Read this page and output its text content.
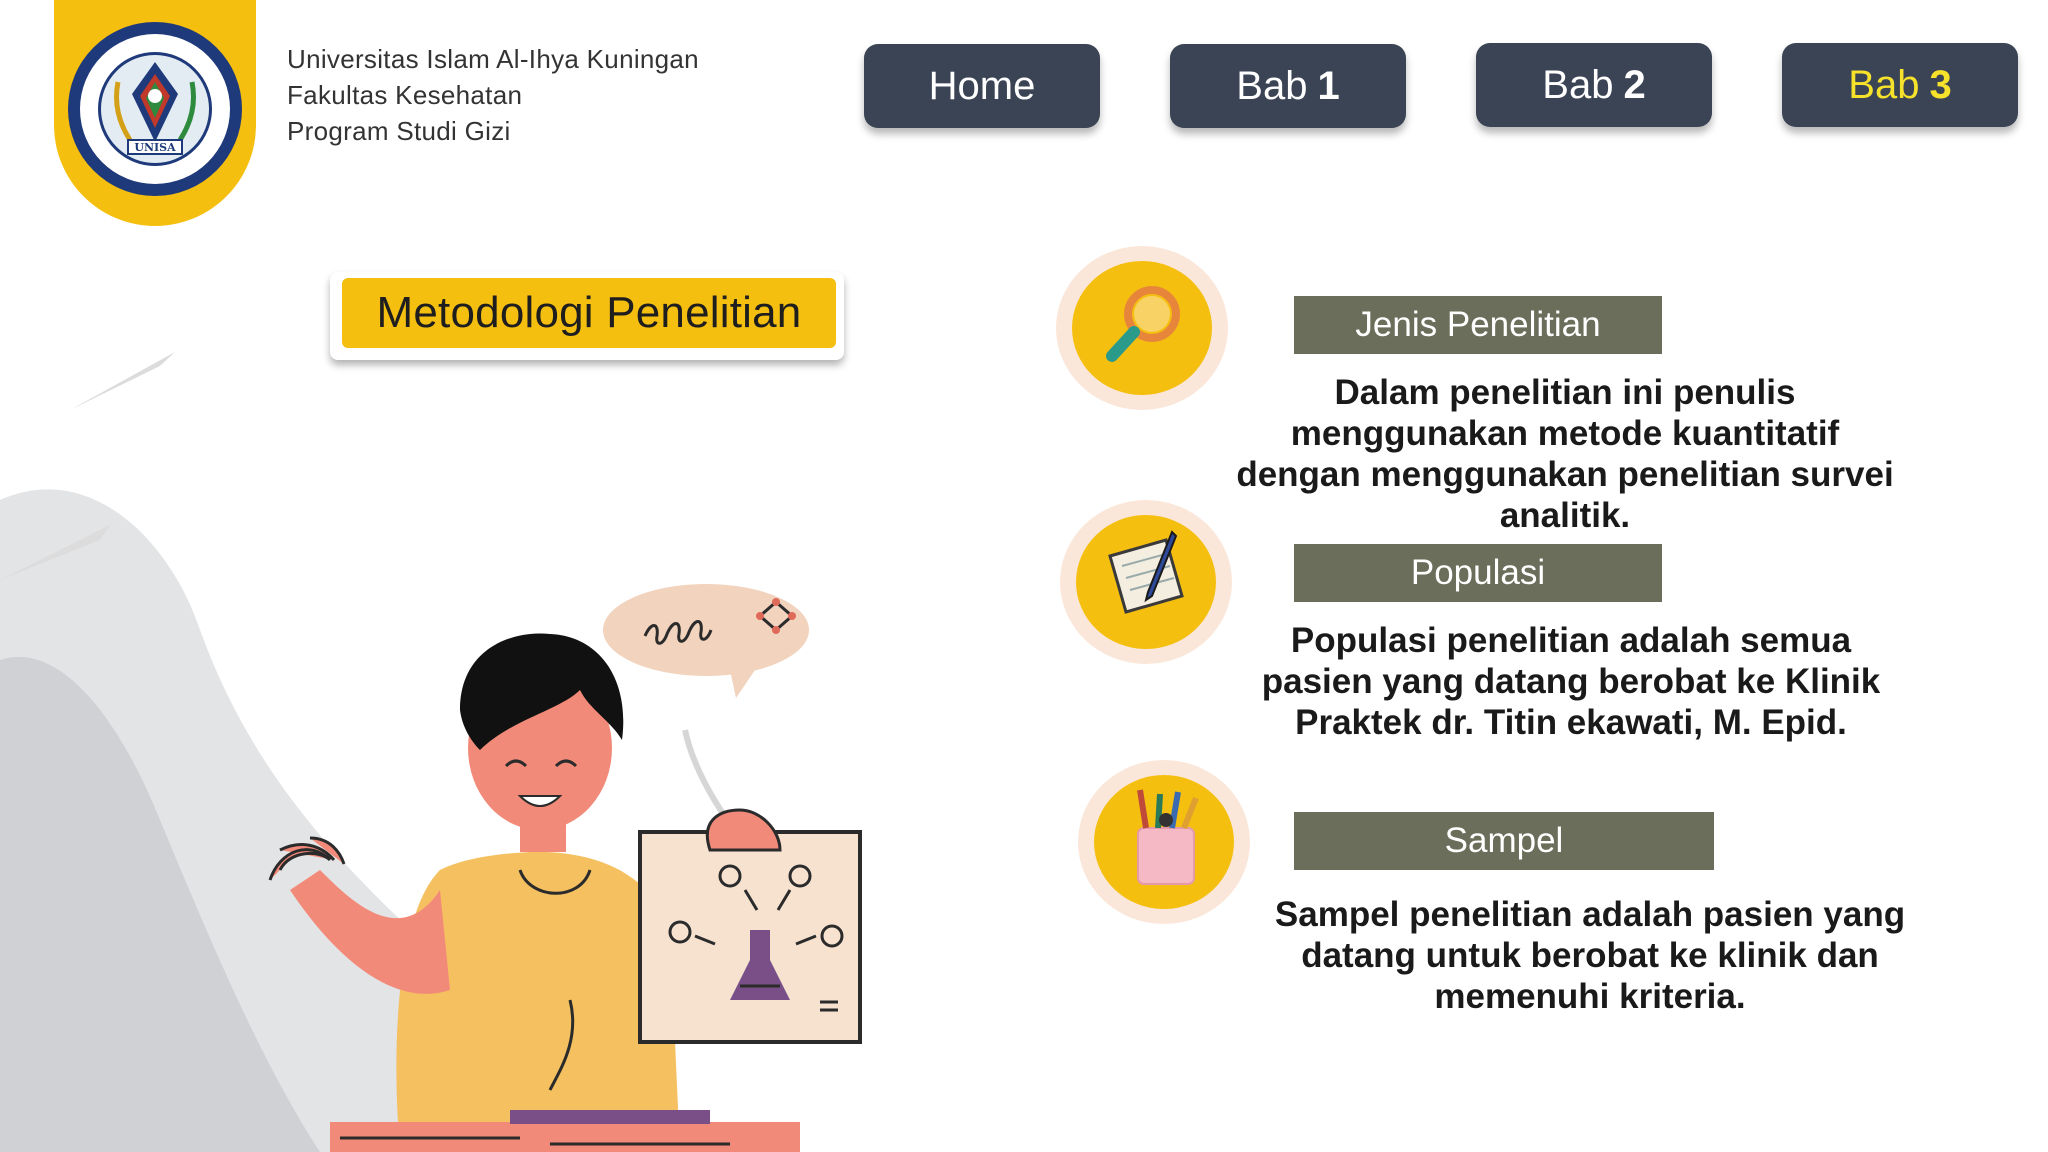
UNISA
Universitas Islam Al-Ihya Kuningan
Fakultas Kesehatan
Program Studi Gizi
Home	Bab 1	Bab 2	Bab 3
Metodologi Penelitian	Jenis Penelitian
Dalam penelitian ini penulis menggunakan metode kuantitatif dengan menggunakan penelitian survei analitik.
Populasi
Populasi penelitian adalah semua pasien yang datang berobat ke Klinik Praktek dr. Titin ekawati, M. Epid.
Sampel
Sampel penelitian adalah pasien yang datang untuk berobat ke klinik dan memenuhi kriteria.
